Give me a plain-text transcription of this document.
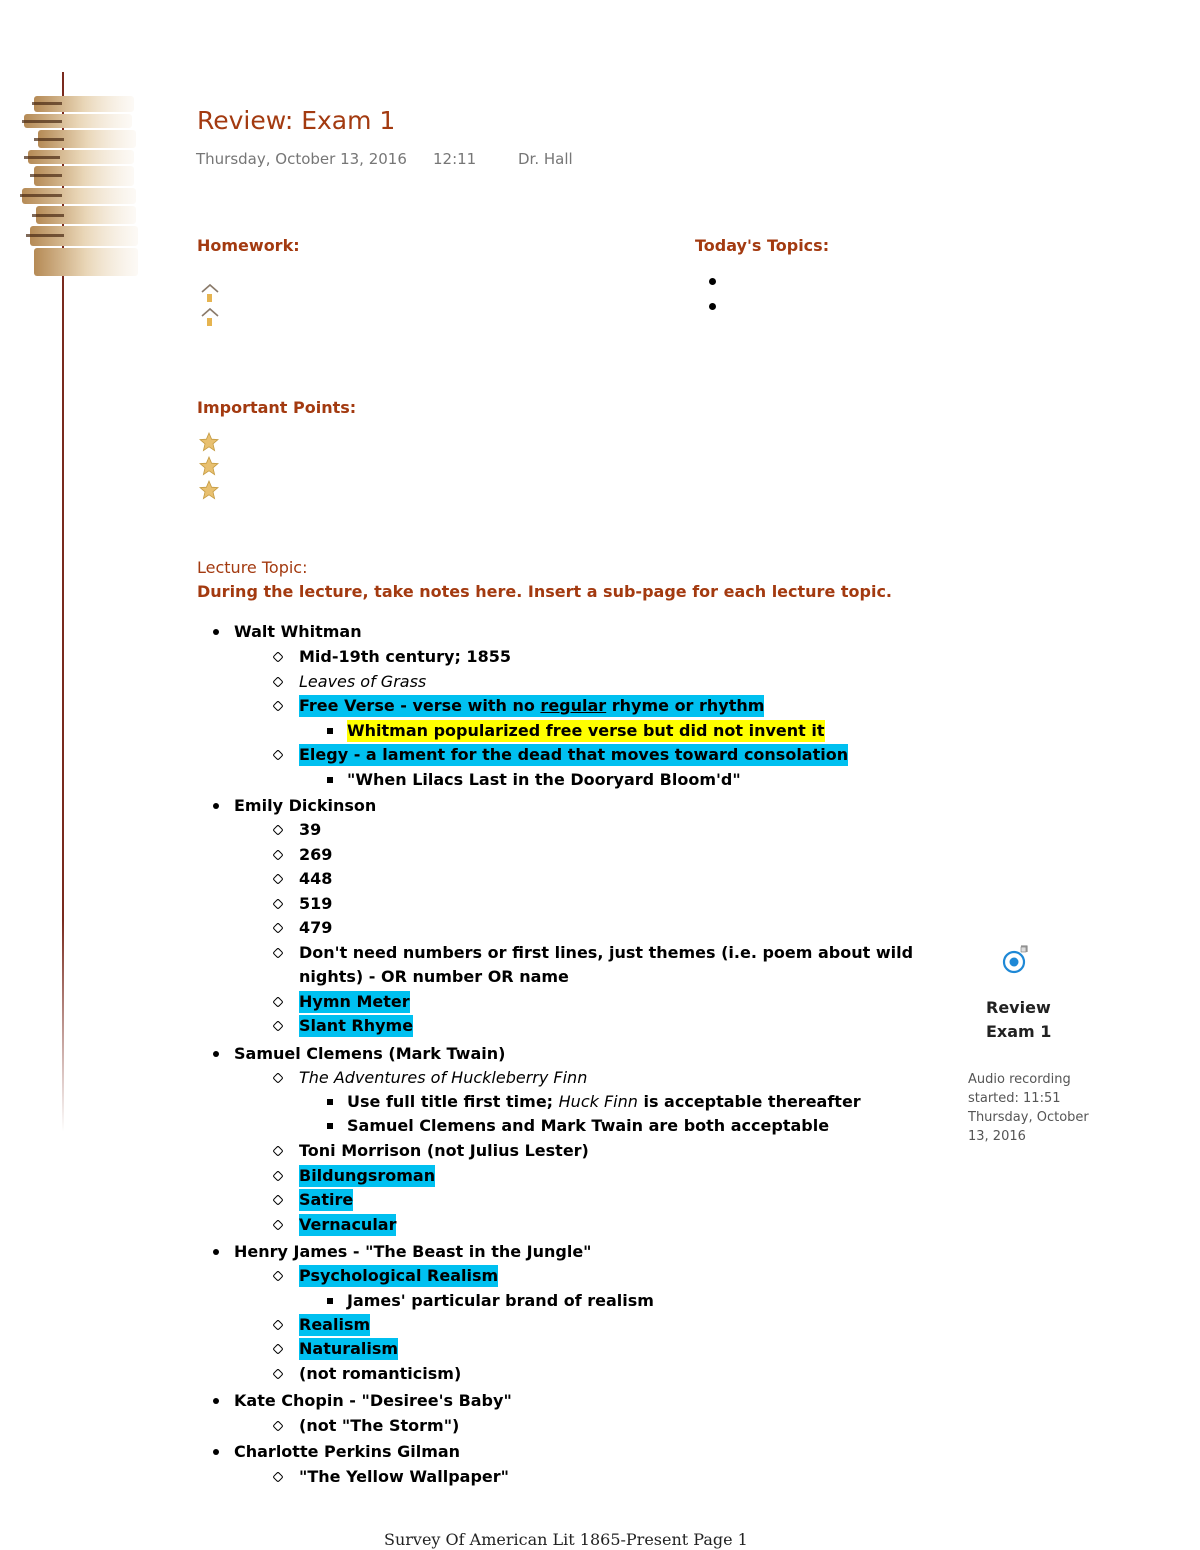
Review: Exam 1
Thursday, October 13, 2016 12:11	Dr. Hall
Homework:	Today's Topics:
Important Points:
Lecture Topic:
During the lecture, take notes here. Insert a sub-page for each lecture topic.
Walt Whitman
Mid-19th century; 1855
Leaves of Grass
Free Verse - verse with no regular rhyme or rhythm
Whitman popularized free verse but did not invent it
Elegy - a lament for the dead that moves toward consolation
"When Lilacs Last in the Dooryard Bloom'd"
Emily Dickinson
39
269
448
519
479
Don't need numbers or first lines, just themes (i.e. poem about wild
nights) - OR number OR name
Hymn Meter
Slant Rhyme
Samuel Clemens (Mark Twain)
The Adventures of Huckleberry Finn
Use full title first time; Huck Finn is acceptable thereafter
Samuel Clemens and Mark Twain are both acceptable
Toni Morrison (not Julius Lester)
Bildungsroman
Satire
Vernacular
Henry James - "The Beast in the Jungle"
Psychological Realism
James' particular brand of realism
Realism
Naturalism
(not romanticism)
Kate Chopin - "Desiree's Baby"
(not "The Storm")
Charlotte Perkins Gilman
"The Yellow Wallpaper"
Review
Exam 1
Audio recording started: 11:51 Thursday, October 13, 2016
Survey Of American Lit 1865-Present Page 1
